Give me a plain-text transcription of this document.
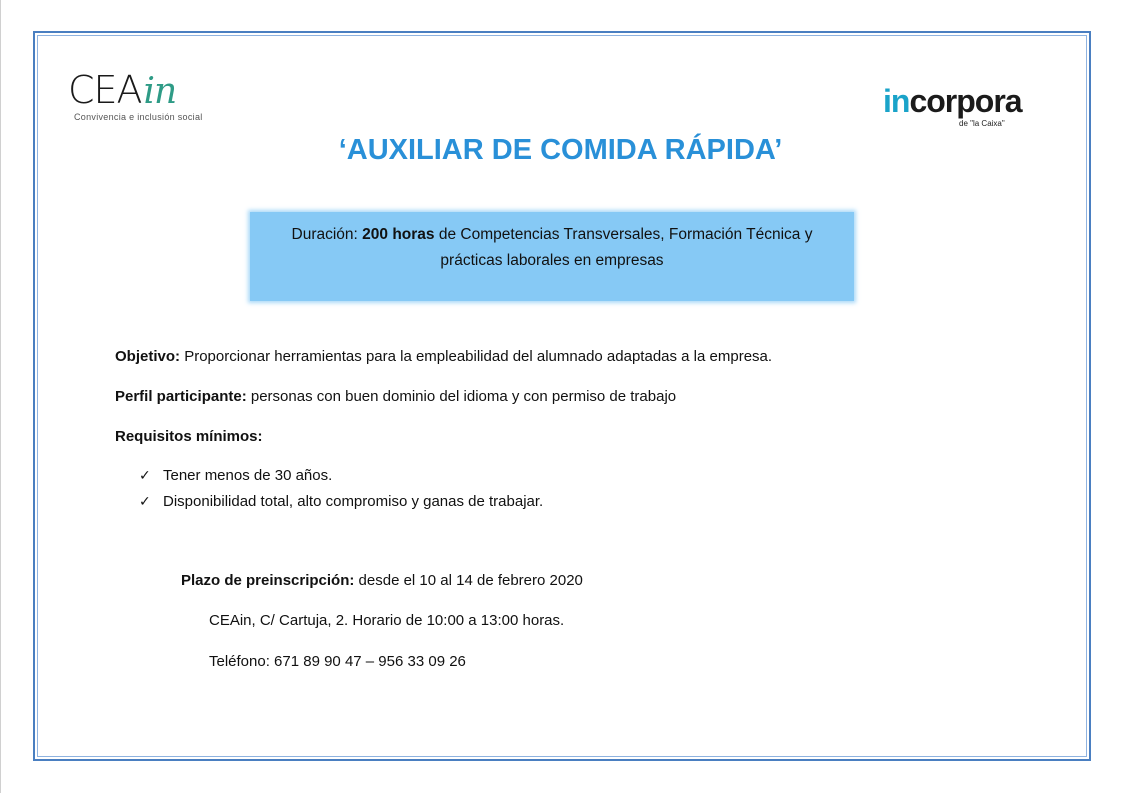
CEAin
Convivencia e inclusión social	incorpora
de "la Caixa"
‘AUXILIAR DE COMIDA RÁPIDA’
Duración: 200 horas de Competencias Transversales, Formación Técnica y
prácticas laborales en empresas
Objetivo: Proporcionar herramientas para la empleabilidad del alumnado adaptadas a la empresa.
Perfil participante: personas con buen dominio del idioma y con permiso de trabajo
Requisitos mínimos:
✓ Tener menos de 30 años.
✓ Disponibilidad total, alto compromiso y ganas de trabajar.
Plazo de preinscripción: desde el 10 al 14 de febrero 2020
CEAin, C/ Cartuja, 2. Horario de 10:00 a 13:00 horas.
Teléfono: 671 89 90 47 – 956 33 09 26
